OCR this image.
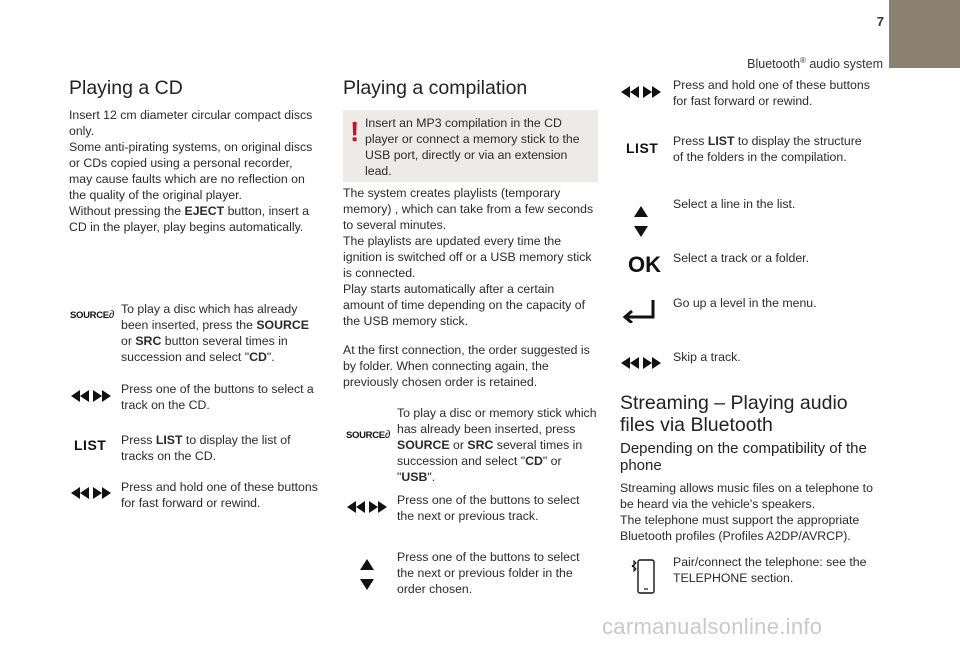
7
Bluetooth® audio system
Playing a CD
Insert 12 cm diameter circular compact discs only.
Some anti-pirating systems, on original discs or CDs copied using a personal recorder, may cause faults which are no reflection on the quality of the original player.
Without pressing the EJECT button, insert a CD in the player, play begins automatically.
SOURCE∂ To play a disc which has already been inserted, press the SOURCE or SRC button several times in succession and select "CD".
Press one of the buttons to select a track on the CD.
LIST Press LIST to display the list of tracks on the CD.
Press and hold one of these buttons for fast forward or rewind.
Playing a compilation
! Insert an MP3 compilation in the CD player or connect a memory stick to the USB port, directly or via an extension lead.
The system creates playlists (temporary memory) , which can take from a few seconds to several minutes.
The playlists are updated every time the ignition is switched off or a USB memory stick is connected.
Play starts automatically after a certain amount of time depending on the capacity of the USB memory stick.
At the first connection, the order suggested is by folder. When connecting again, the previously chosen order is retained.
SOURCE∂
To play a disc or memory stick which has already been inserted, press SOURCE or SRC several times in succession and select "CD" or "USB".
Press one of the buttons to select the next or previous track.
Press one of the buttons to select the next or previous folder in the order chosen.
Press and hold one of these buttons for fast forward or rewind.
LIST Press LIST to display the structure of the folders in the compilation.
Select a line in the list.
OK Select a track or a folder.
Go up a level in the menu.
Skip a track.
Streaming – Playing audio files via Bluetooth
Depending on the compatibility of the phone
Streaming allows music files on a telephone to be heard via the vehicle's speakers.
The telephone must support the appropriate Bluetooth profiles (Profiles A2DP/AVRCP).
Pair/connect the telephone: see the TELEPHONE section.
carmanualsonline.info
